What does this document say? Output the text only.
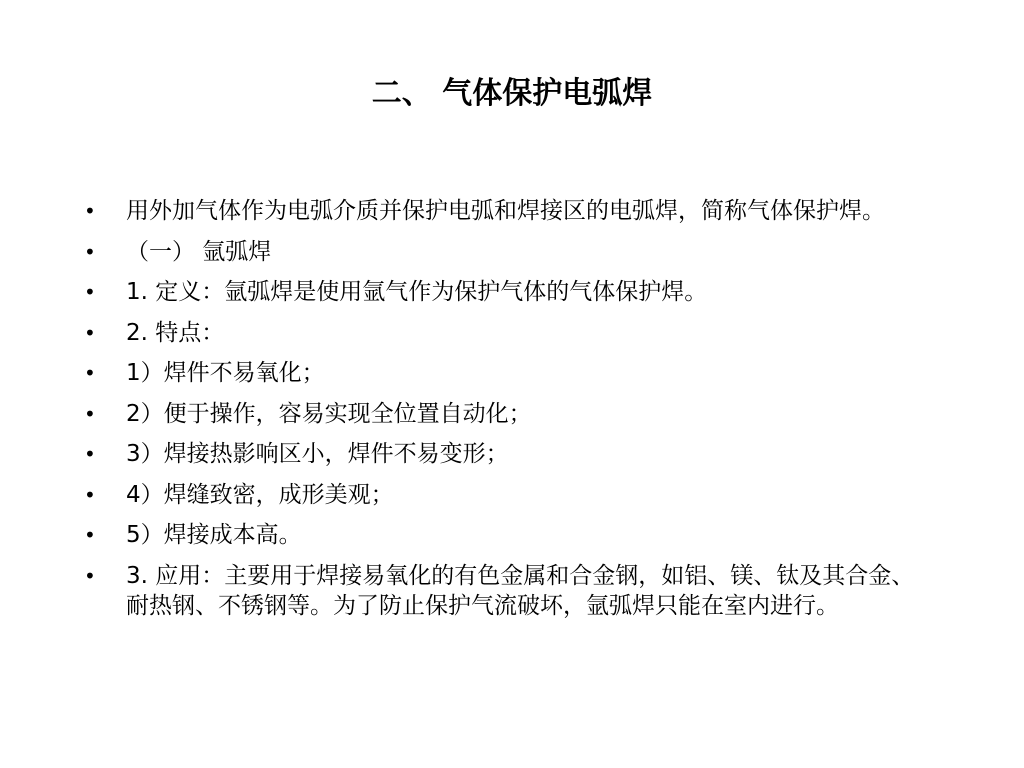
二、 气体保护电弧焊
•	用外加气体作为电弧介质并保护电弧和焊接区的电弧焊，简称气体保护焊。
•	（一） 氩弧焊
•	1. 定义：氩弧焊是使用氩气作为保护气体的气体保护焊。
•	2. 特点：
•	1）焊件不易氧化；
•	2）便于操作，容易实现全位置自动化；
•	3）焊接热影响区小，焊件不易变形；
•	4）焊缝致密，成形美观；
•	5）焊接成本高。
•	3. 应用：主要用于焊接易氧化的有色金属和合金钢，如铝、镁、钛及其合金、耐热钢、不锈钢等。为了防止保护气流破坏，氩弧焊只能在室内进行。
